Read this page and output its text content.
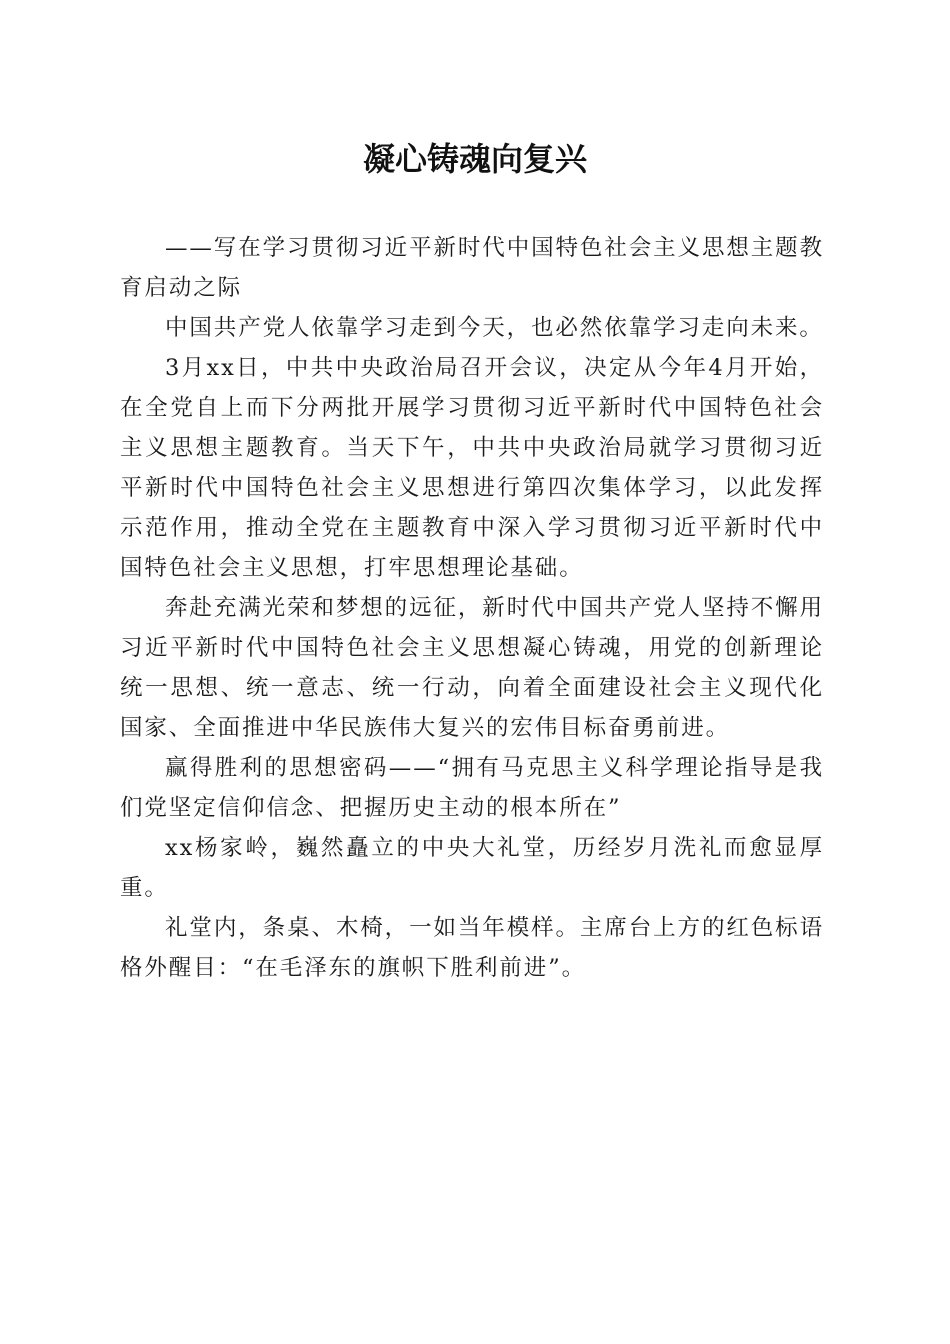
凝心铸魂向复兴

——写在学习贯彻习近平新时代中国特色社会主义思想主题教育启动之际

中国共产党人依靠学习走到今天，也必然依靠学习走向未来。

3月xx日，中共中央政治局召开会议，决定从今年4月开始，在全党自上而下分两批开展学习贯彻习近平新时代中国特色社会主义思想主题教育。当天下午，中共中央政治局就学习贯彻习近平新时代中国特色社会主义思想进行第四次集体学习，以此发挥示范作用，推动全党在主题教育中深入学习贯彻习近平新时代中国特色社会主义思想，打牢思想理论基础。

奔赴充满光荣和梦想的远征，新时代中国共产党人坚持不懈用习近平新时代中国特色社会主义思想凝心铸魂，用党的创新理论统一思想、统一意志、统一行动，向着全面建设社会主义现代化国家、全面推进中华民族伟大复兴的宏伟目标奋勇前进。

赢得胜利的思想密码——“拥有马克思主义科学理论指导是我们党坚定信仰信念、把握历史主动的根本所在”

xx杨家岭，巍然矗立的中央大礼堂，历经岁月洗礼而愈显厚重。

礼堂内，条桌、木椅，一如当年模样。主席台上方的红色标语格外醒目：“在毛泽东的旗帜下胜利前进”。
